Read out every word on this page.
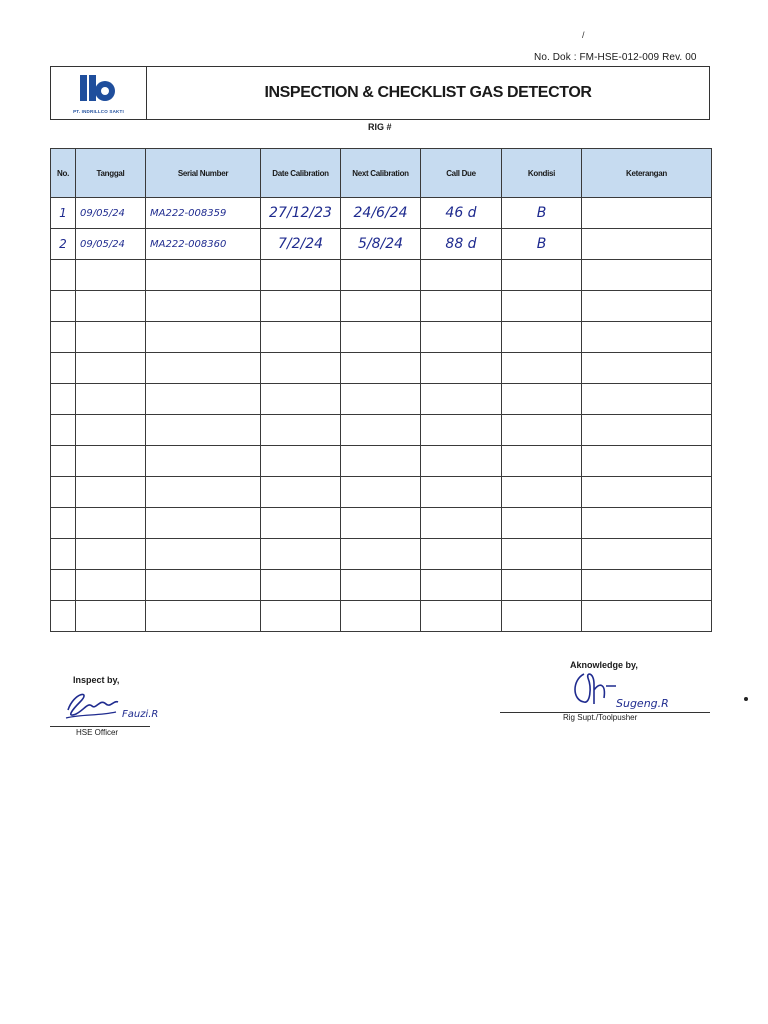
/
No. Dok : FM-HSE-012-009 Rev. 00
PT. INDRILLCO SAKTI
INSPECTION & CHECKLIST GAS DETECTOR
RIG #
No.	Tanggal	Serial Number	Date Calibration	Next Calibration	Call Due	Kondisi	Keterangan

1	09/05/24	MA222-008359	27/12/23	24/6/24	46 d	B	

2	09/05/24	MA222-008360	7/2/24	5/8/24	88 d	B	

Inspect by,
Fauzi.R
HSE Officer
Aknowledge by,
Sugeng.R
Rig Supt./Toolpusher
